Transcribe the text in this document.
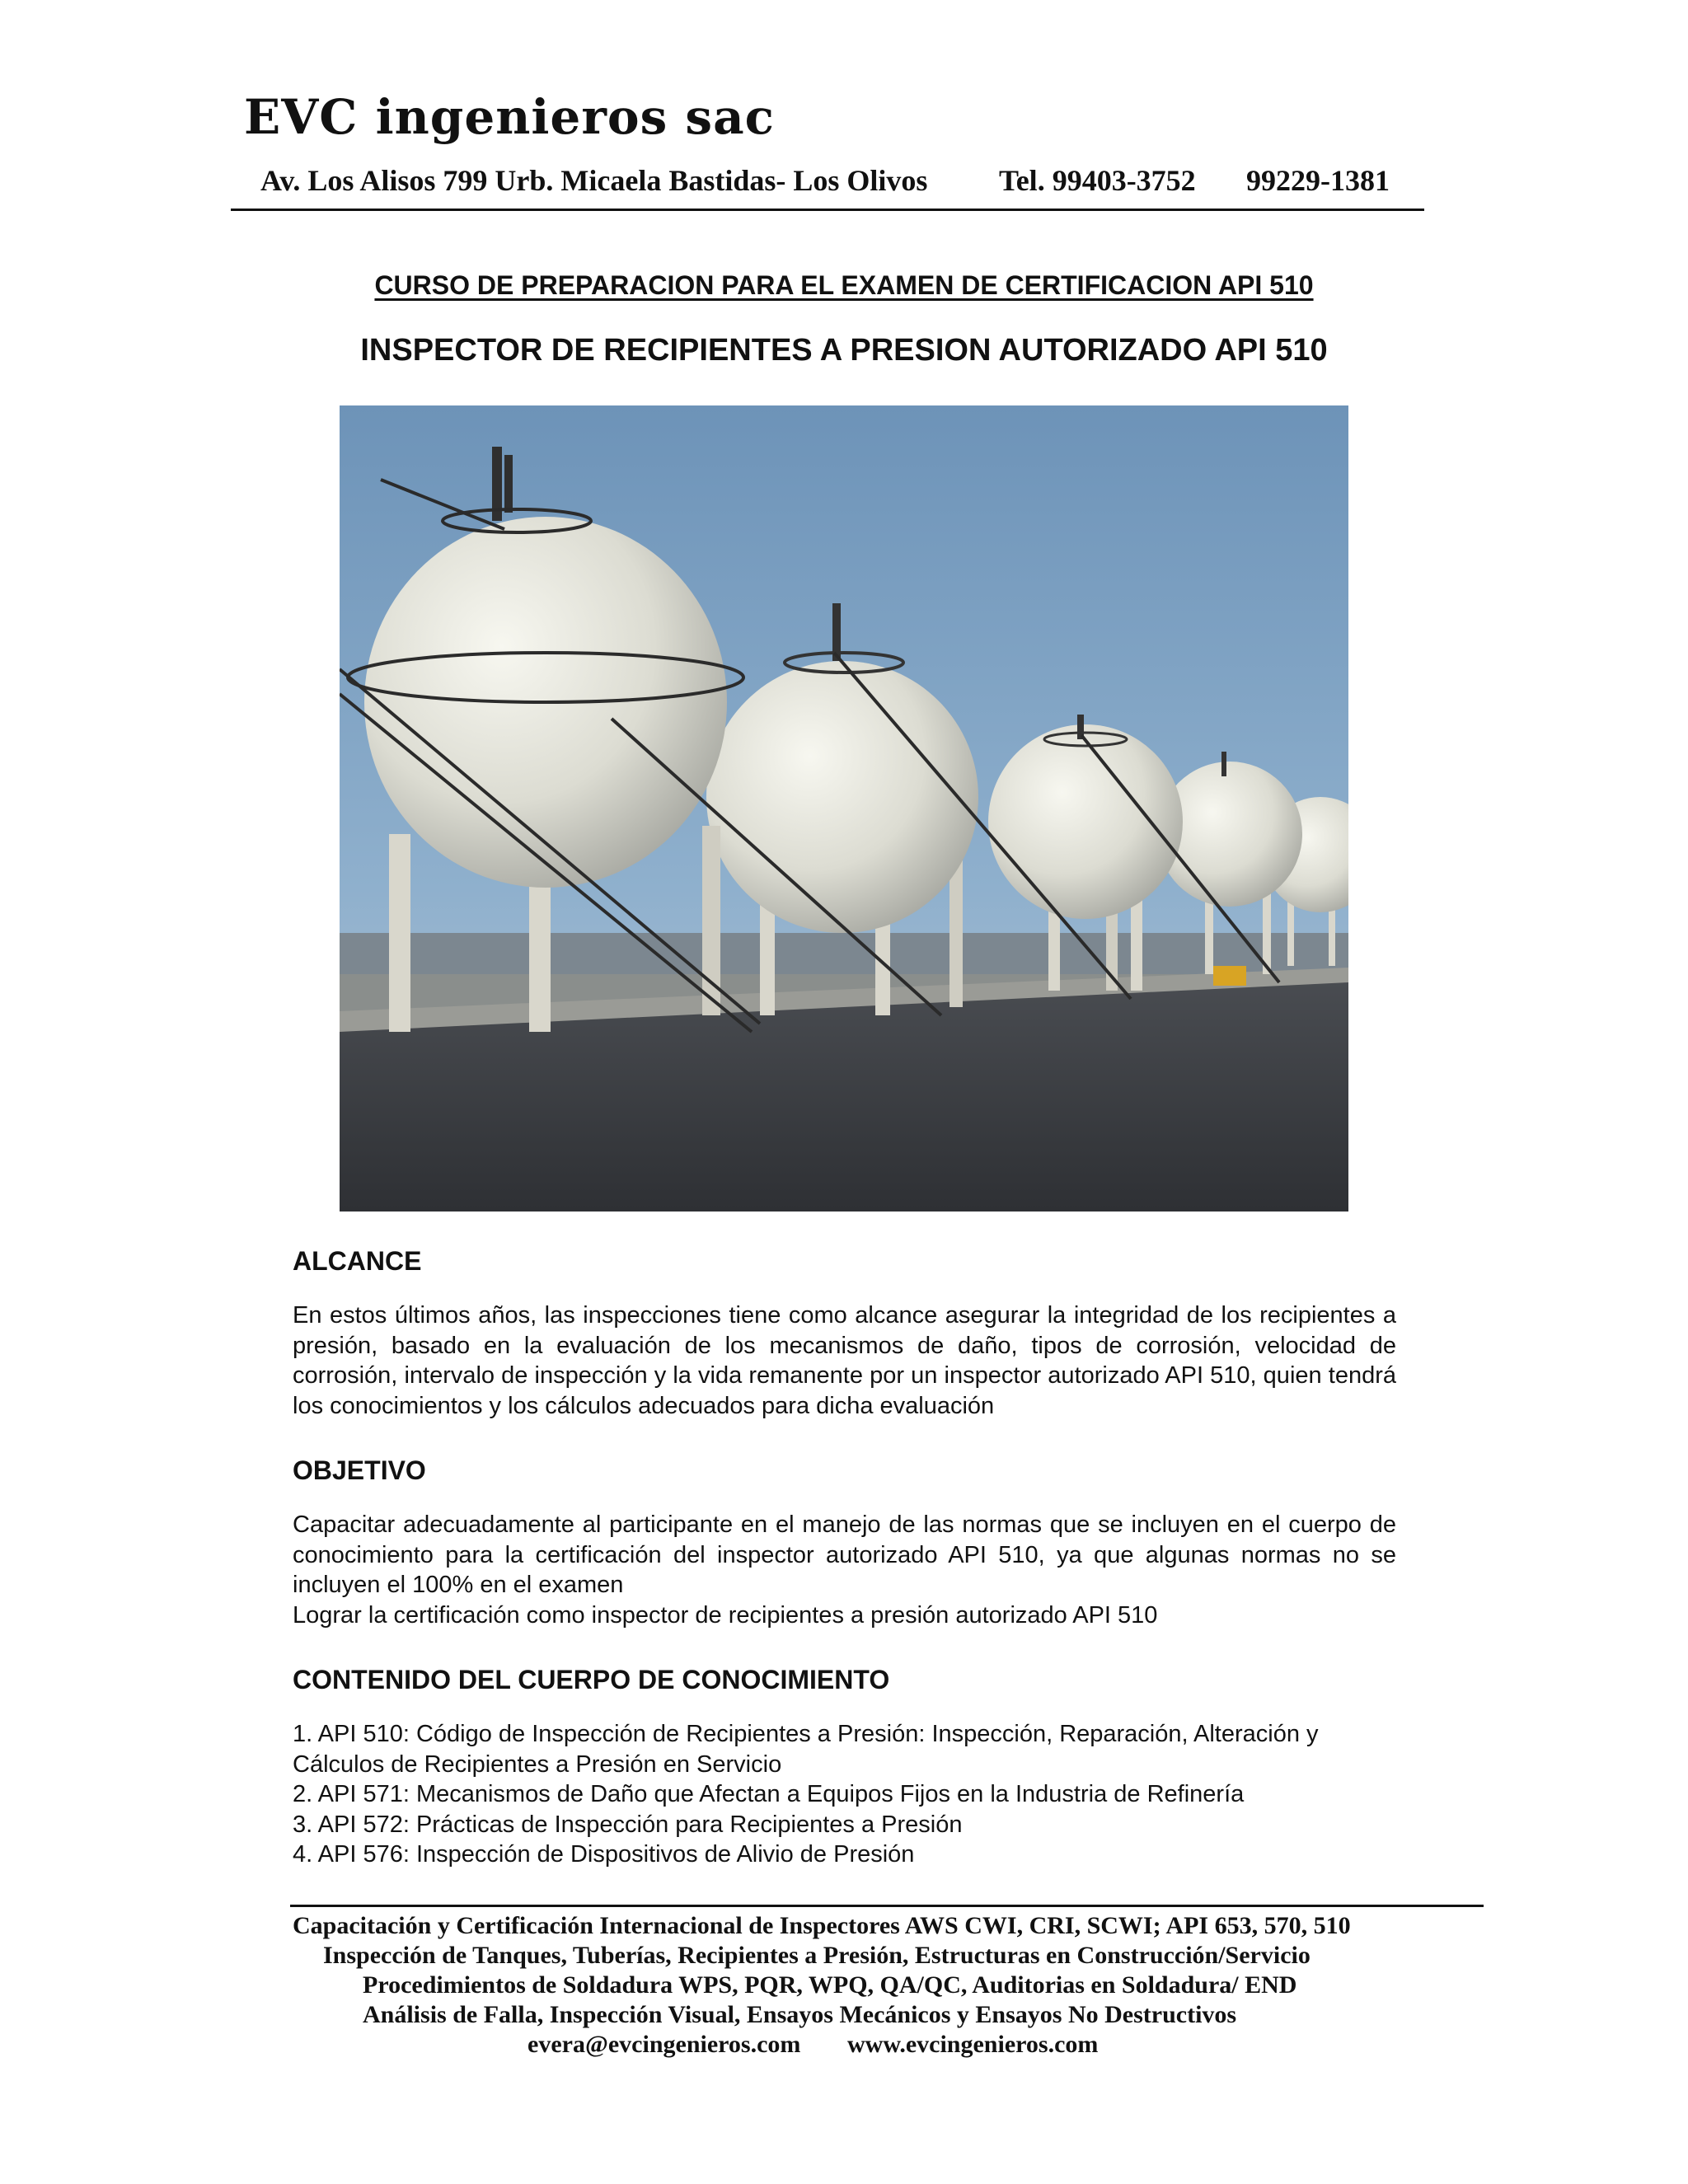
EVC ingenieros sac
Av. Los Alisos 799 Urb. Micaela Bastidas- Los Olivos Tel. 99403-3752 99229-1381
CURSO DE PREPARACION PARA EL EXAMEN DE CERTIFICACION API 510
INSPECTOR DE RECIPIENTES A PRESION AUTORIZADO API 510
ALCANCE

En estos últimos años, las inspecciones tiene como alcance asegurar la integridad de los recipientes a presión, basado en la evaluación de los mecanismos de daño, tipos de corrosión, velocidad de corrosión, intervalo de inspección y la vida remanente por un inspector autorizado API 510, quien tendrá los conocimientos y los cálculos adecuados para dicha evaluación

OBJETIVO

Capacitar adecuadamente al participante en el manejo de las normas que se incluyen en el cuerpo de conocimiento para la certificación del inspector autorizado API 510, ya que algunas normas no se incluyen el 100% en el examen

Lograr la certificación como inspector de recipientes a presión autorizado API 510

CONTENIDO DEL CUERPO DE CONOCIMIENTO
1. API 510: Código de Inspección de Recipientes a Presión: Inspección, Reparación, Alteración y Cálculos de Recipientes a Presión en Servicio
2. API 571: Mecanismos de Daño que Afectan a Equipos Fijos en la Industria de Refinería
3. API 572: Prácticas de Inspección para Recipientes a Presión
4. API 576: Inspección de Dispositivos de Alivio de Presión
Capacitación y Certificación Internacional de Inspectores AWS CWI, CRI, SCWI; API 653, 570, 510
Inspección de Tanques, Tuberías, Recipientes a Presión, Estructuras en Construcción/Servicio
Procedimientos de Soldadura WPS, PQR, WPQ, QA/QC, Auditorias en Soldadura/ END
Análisis de Falla, Inspección Visual, Ensayos Mecánicos y Ensayos No Destructivos
evera@evcingenieros.com www.evcingenieros.com
